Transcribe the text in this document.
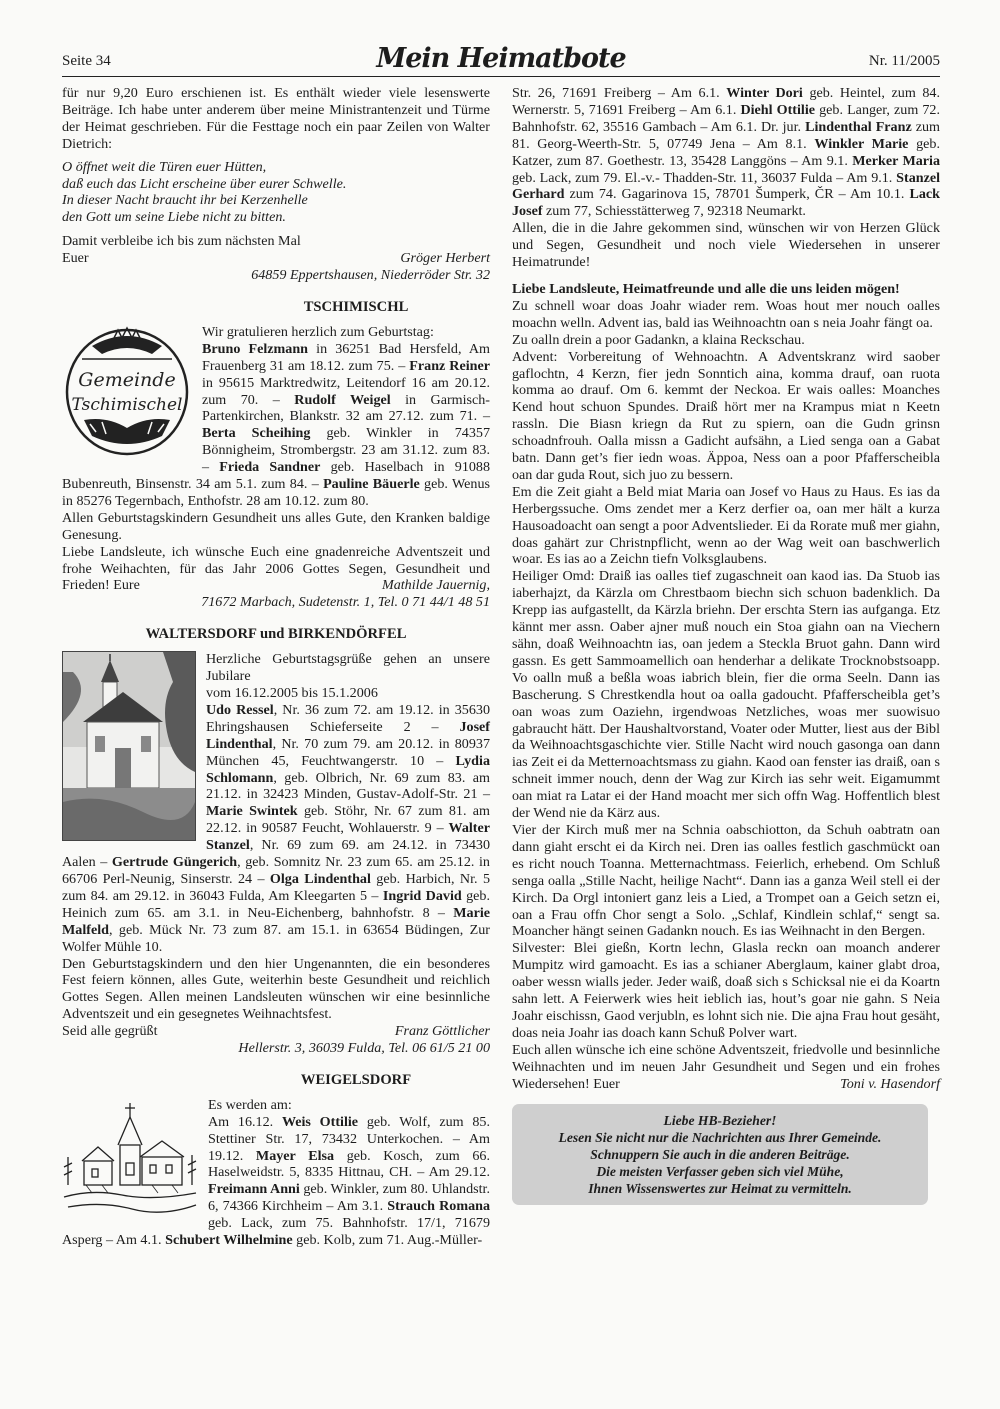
Seite 34	Mein Heimatbote	Nr. 11/2005

für nur 9,20 Euro erschienen ist. Es enthält wieder viele lesenswerte Beiträge. Ich habe unter anderem über meine Ministrantenzeit und Türme der Heimat geschrieben. Für die Festtage noch ein paar Zeilen von Walter Dietrich:

O öffnet weit die Türen euer Hütten,
daß euch das Licht erscheine über eurer Schwelle.
In dieser Nacht braucht ihr bei Kerzenhelle
den Gott um seine Liebe nicht zu bitten.

Damit verbleibe ich bis zum nächsten Mal

Euer	Gröger Herbert

64859 Eppertshausen, Niederröder Str. 32

TSCHIMISCHL

Gemeinde
Tschimischel

Wir gratulieren herzlich zum Geburtstag:
Bruno Felzmann in 36251 Bad Hersfeld, Am Frauenberg 31 am 18.12. zum 75. – Franz Reiner in 95615 Marktredwitz, Leitendorf 16 am 20.12. zum 70. – Rudolf Weigel in Garmisch-Partenkirchen, Blankstr. 32 am 27.12. zum 71. – Berta Scheihing geb. Winkler in 74357 Bönnigheim, Strombergstr. 23 am 31.12. zum 83. – Frieda Sandner geb. Haselbach in 91088 Bubenreuth, Binsenstr. 34 am 5.1. zum 84. – Pauline Bäuerle geb. Wenus in 85276 Tegernbach, Enthofstr. 28 am 10.12. zum 80.

Allen Geburtstagskindern Gesundheit uns alles Gute, den Kranken baldige Genesung.

Liebe Landsleute, ich wünsche Euch eine gnadenreiche Adventszeit und frohe Weihachten, für das Jahr 2006 Gottes Segen, Gesundheit und Frieden! Eure	Mathilde Jauernig,

71672 Marbach, Sudetenstr. 1, Tel. 0 71 44/1 48 51

WALTERSDORF und BIRKENDÖRFEL

Herzliche Geburtstagsgrüße gehen an unsere Jubilare
vom 16.12.2005 bis 15.1.2006
Udo Ressel, Nr. 36 zum 72. am 19.12. in 35630 Ehringshausen Schieferseite 2 – Josef Lindenthal, Nr. 70 zum 79. am 20.12. in 80937 München 45, Feuchtwangerstr. 10 – Lydia Schlomann, geb. Olbrich, Nr. 69 zum 83. am 21.12. in 32423 Minden, Gustav-Adolf-Str. 21 – Marie Swintek geb. Stöhr, Nr. 67 zum 81. am 22.12. in 90587 Feucht, Wohlauerstr. 9 – Walter Stanzel, Nr. 69 zum 69. am 24.12. in 73430 Aalen – Gertrude Güngerich, geb. Somnitz Nr. 23 zum 65. am 25.12. in 66706 Perl-Neunig, Sinserstr. 24 – Olga Lindenthal geb. Harbich, Nr. 5 zum 84. am 29.12. in 36043 Fulda, Am Kleegarten 5 – Ingrid David geb. Heinich zum 65. am 3.1. in Neu-Eichenberg, bahnhofstr. 8 – Marie Malfeld, geb. Mück Nr. 73 zum 87. am 15.1. in 63654 Büdingen, Zur Wolfer Mühle 10.

Den Geburtstagskindern und den hier Ungenannten, die ein besonderes Fest feiern können, alles Gute, weiterhin beste Gesundheit und reichlich Gottes Segen. Allen meinen Landsleuten wünschen wir eine besinnliche Adventszeit und ein gesegnetes Weihnachtsfest.

Seid alle gegrüßt	Franz Göttlicher

Hellerstr. 3, 36039 Fulda, Tel. 06 61/5 21 00

WEIGELSDORF

Es werden am:
Am 16.12. Weis Ottilie geb. Wolf, zum 85. Stettiner Str. 17, 73432 Unterkochen. – Am 19.12. Mayer Elsa geb. Kosch, zum 66. Haselweidstr. 5, 8335 Hittnau, CH. – Am 29.12. Freimann Anni geb. Winkler, zum 80. Uhlandstr. 6, 74366 Kirchheim – Am 3.1. Strauch Romana geb. Lack, zum 75. Bahnhofstr. 17/1, 71679 Asperg – Am 4.1. Schubert Wilhelmine geb. Kolb, zum 71. Aug.-Müller-

Str. 26, 71691 Freiberg – Am 6.1. Winter Dori geb. Heintel, zum 84. Wernerstr. 5, 71691 Freiberg – Am 6.1. Diehl Ottilie geb. Langer, zum 72. Bahnhofstr. 62, 35516 Gambach – Am 6.1. Dr. jur. Lindenthal Franz zum 81. Georg-Weerth-Str. 5, 07749 Jena – Am 8.1. Winkler Marie geb. Katzer, zum 87. Goethestr. 13, 35428 Langgöns – Am 9.1. Merker Maria geb. Lack, zum 79. El.-v.- Thadden-Str. 11, 36037 Fulda – Am 9.1. Stanzel Gerhard zum 74. Gagarinova 15, 78701 Šumperk, ČR – Am 10.1. Lack Josef zum 77, Schiesstätterweg 7, 92318 Neumarkt.

Allen, die in die Jahre gekommen sind, wünschen wir von Herzen Glück und Segen, Gesundheit und noch viele Wiedersehen in unserer Heimatrunde!

Liebe Landsleute, Heimatfreunde und alle die uns leiden mögen!

Zu schnell woar doas Joahr wiader rem. Woas hout mer nouch oalles moachn welln. Advent ias, bald ias Weihnoachtn oan s neia Joahr fängt oa.

Zu oalln drein a poor Gadankn, a klaina Reckschau.

Advent: Vorbereitung of Wehnoachtn. A Adventskranz wird saober gaflochtn, 4 Kerzn, fier jedn Sonntich aina, komma drauf, oan ruota komma ao drauf. Om 6. kemmt der Neckoa. Er wais oalles: Moanches Kend hout schuon Spundes. Draiß hört mer na Krampus miat n Keetn rassln. Die Biasn kriegn da Rut zu spiern, oan die Gudn grinsn schoadnfrouh. Oalla missn a Gadicht aufsähn, a Lied senga oan a Gabat batn. Dann get’s fier iedn woas. Äppoa, Ness oan a poor Pfafferscheibla oan dar guda Rout, sich juo zu bessern.

Em die Zeit giaht a Beld miat Maria oan Josef vo Haus zu Haus. Es ias da Herbergssuche. Oms zendet mer a Kerz derfier oa, oan mer hält a kurza Hausoadoacht oan sengt a poor Adventslieder. Ei da Rorate muß mer giahn, doas gahärt zur Christnpflicht, wenn ao der Wag weit oan baschwerlich woar. Es ias ao a Zeichn tiefn Volksglaubens.

Heiliger Omd: Draiß ias oalles tief zugaschneit oan kaod ias. Da Stuob ias iaberhajzt, da Kärzla om Chrestbaom biechn sich schuon badenklich. Da Krepp ias aufgastellt, da Kärzla briehn. Der erschta Stern ias aufganga. Etz kännt mer assn. Oaber ajner muß nouch ein Stoa giahn oan na Viechern sähn, doaß Weihnoachtn ias, oan jedem a Steckla Bruot gahn. Dann wird gassn. Es gett Sammoamellich oan henderhar a delikate Trocknobstsoapp. Vo oalln muß a beßla woas iabrich blein, fier die orma Seeln. Dann ias Bascherung. S Chrestkendla hout oa oalla gadoucht. Pfafferscheibla get’s oan woas zum Oaziehn, irgendwoas Netzliches, woas mer suowisuo gabraucht hätt. Der Haushaltvorstand, Voater oder Mutter, liest aus der Bibl da Weihnoachtsgaschichte vier. Stille Nacht wird nouch gasonga oan dann ias Zeit ei da Metternoachtsmass zu giahn. Kaod oan fenster ias draiß, oan s schneit immer nouch, denn der Wag zur Kirch ias sehr weit. Eigamummt oan miat ra Latar ei der Hand moacht mer sich offn Wag. Hoffentlich blest der Wend nie da Kärz aus.

Vier der Kirch muß mer na Schnia oabschiotton, da Schuh oabtratn oan dann giaht erscht ei da Kirch nei. Dren ias oalles festlich gaschmückt oan es richt nouch Toanna. Metternachtmass. Feierlich, erhebend. Om Schluß senga oalla „Stille Nacht, heilige Nacht“. Dann ias a ganza Weil stell ei der Kirch. Da Orgl intoniert ganz leis a Lied, a Trompet oan a Geich setzn ei, oan a Frau offn Chor sengt a Solo. „Schlaf, Kindlein schlaf,“ sengt sa. Moancher hängt seinen Gadankn nouch. Es ias Weihnacht in den Bergen.

Silvester: Blei gießn, Kortn lechn, Glasla reckn oan moanch anderer Mumpitz wird gamoacht. Es ias a schianer Aberglaum, kainer glabt droa, oaber wessn wialls jeder. Jeder waiß, doaß sich s Schicksal nie ei da Koartn sahn lett. A Feierwerk wies heit ieblich ias, hout’s goar nie gahn. S Neia Joahr eischissn, Gaod verjubln, es lohnt sich nie. Die ajna Frau hout gesäht, doas neia Joahr ias doach kann Schuß Polver wart.

Euch allen wünsche ich eine schöne Adventszeit, friedvolle und besinnliche Weihnachten und im neuen Jahr Gesundheit und Segen und ein frohes Wiedersehen! Euer	Toni v. Hasendorf

Liebe HB-Bezieher!
Lesen Sie nicht nur die Nachrichten aus Ihrer Gemeinde.
Schnuppern Sie auch in die anderen Beiträge.
Die meisten Verfasser geben sich viel Mühe,
Ihnen Wissenswertes zur Heimat zu vermitteln.
